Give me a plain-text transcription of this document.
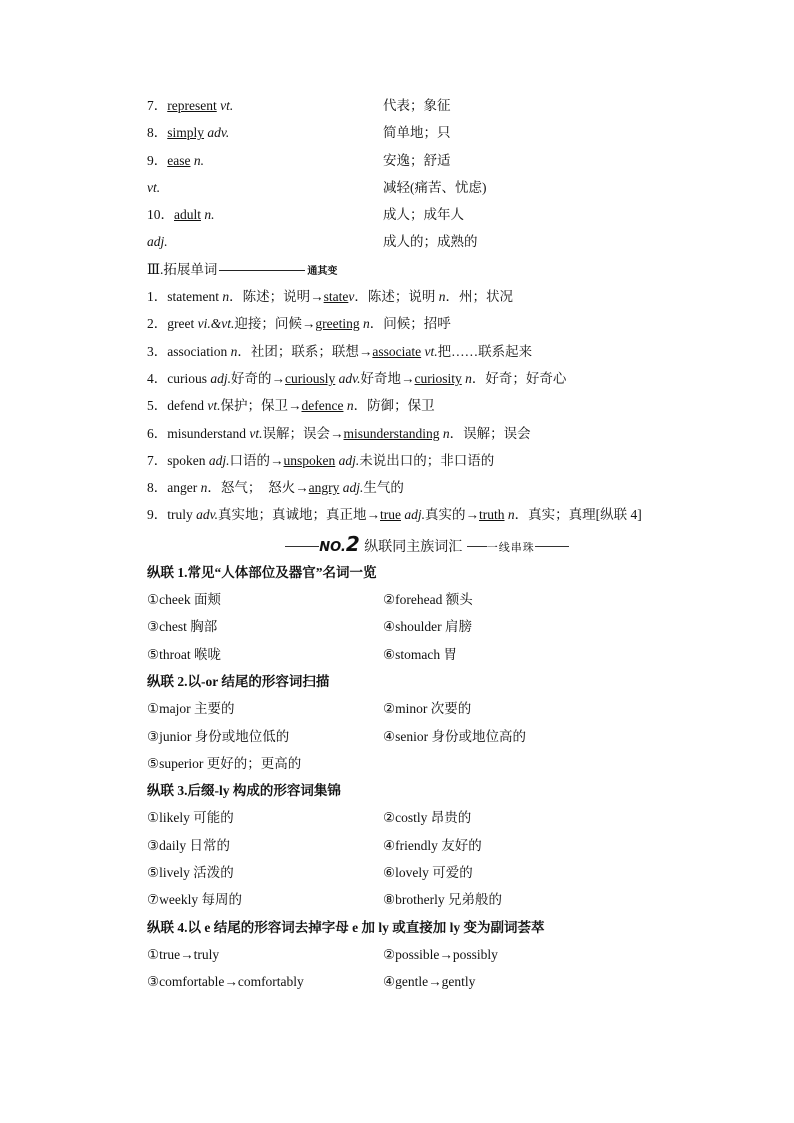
7．represent vt.	代表；象征
8．simply adv.	简单地；只
9．ease n.	安逸；舒适
vt.	减轻(痛苦、忧虑)
10．adult n.	成人；成年人
adj.	成人的；成熟的
Ⅲ.拓展单词	通其变
1．statement n．陈述；说明→statev．陈述；说明 n．州；状况
2．greet vi.&vt.迎接；问候→greeting n．问候；招呼
3．association n．社团；联系；联想→associate vt.把……联系起来
4．curious adj.好奇的→curiously adv.好奇地→curiosity n．好奇；好奇心
5．defend vt.保护；保卫→defence n．防御；保卫
6．misunderstand vt.误解；误会→misunderstanding n．误解；误会
7．spoken adj.口语的→unspoken adj.未说出口的；非口语的
8．anger n．怒气；　怒火→angry adj.生气的
9．truly adv.真实地；真诚地；真正地→true adj.真实的→truth n．真实；真理[纵联 4]
NO.2 纵联同主族词汇 一线串珠
纵联 1.常见“人体部位及器官”名词一览
①cheek 面颊	②forehead 额头
③chest 胸部	④shoulder 肩膀
⑤throat 喉咙	⑥stomach 胃
纵联 2.以-or 结尾的形容词扫描
①major 主要的	②minor 次要的
③junior 身份或地位低的	④senior 身份或地位高的
⑤superior 更好的；更高的
纵联 3.后缀-ly 构成的形容词集锦
①likely 可能的	②costly 昂贵的
③daily 日常的	④friendly 友好的
⑤lively 活泼的	⑥lovely 可爱的
⑦weekly 每周的	⑧brotherly 兄弟般的
纵联 4.以 e 结尾的形容词去掉字母 e 加 ly 或直接加 ly 变为副词荟萃
①true→truly	②possible→possibly
③comfortable→comfortably	④gentle→gently
